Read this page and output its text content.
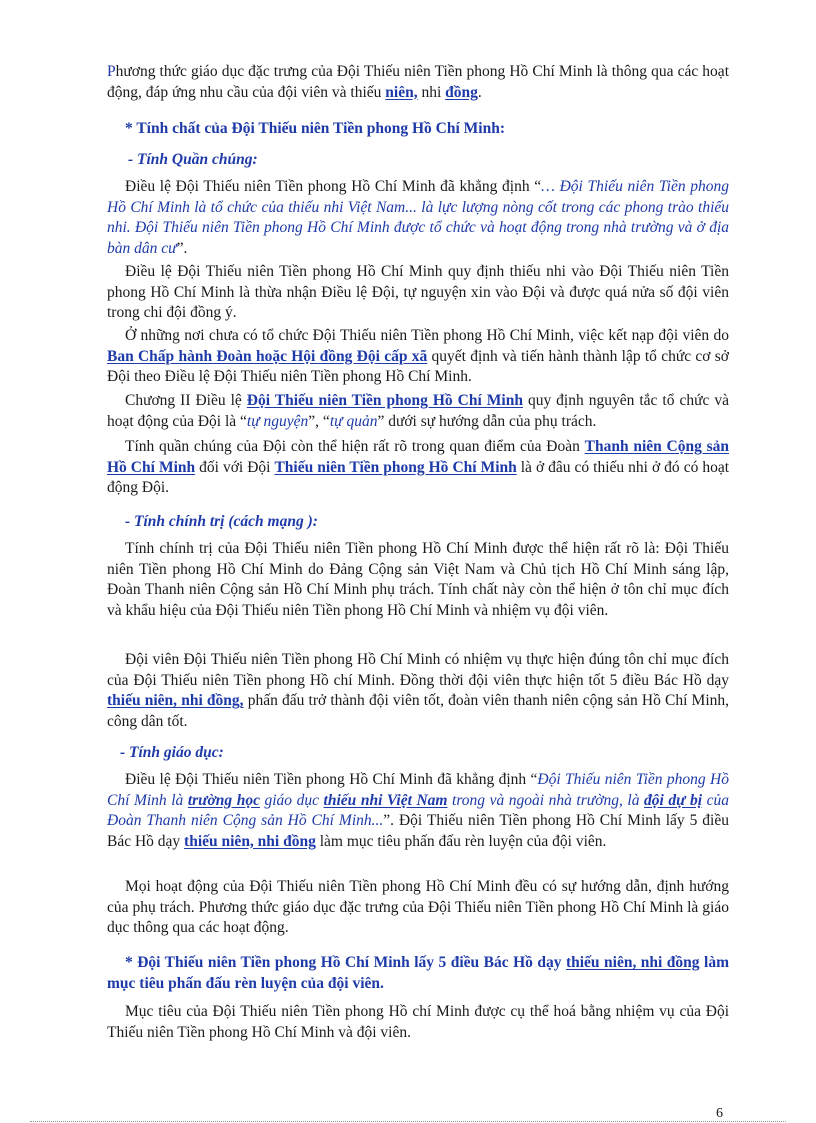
Phương thức giáo dục đặc trưng của Đội Thiếu niên Tiền phong Hồ Chí Minh là thông qua các hoạt động, đáp ứng nhu cầu của đội viên và thiếu niên, nhi đồng.
* Tính chất của Đội Thiếu niên Tiền phong Hồ Chí Minh:
- Tính Quần chúng:
Điều lệ Đội Thiếu niên Tiền phong Hồ Chí Minh đã khẳng định “… Đội Thiếu niên Tiền phong Hồ Chí Minh là tổ chức của thiếu nhi Việt Nam... là lực lượng nòng cốt trong các phong trào thiếu nhi. Đội Thiếu niên Tiền phong Hồ Chí Minh được tổ chức và hoạt động trong nhà trường và ở địa bàn dân cư”.
Điều lệ Đội Thiếu niên Tiền phong Hồ Chí Minh quy định thiếu nhi vào Đội Thiếu niên Tiền phong Hồ Chí Minh là thừa nhận Điều lệ Đội, tự nguyện xin vào Đội và được quá nửa số đội viên trong chi đội đồng ý.
Ở những nơi chưa có tổ chức Đội Thiếu niên Tiền phong Hồ Chí Minh, việc kết nạp đội viên do Ban Chấp hành Đoàn hoặc Hội đồng Đội cấp xã quyết định và tiến hành thành lập tổ chức cơ sở Đội theo Điều lệ Đội Thiếu niên Tiền phong Hồ Chí Minh.
Chương II Điều lệ Đội Thiếu niên Tiền phong Hồ Chí Minh quy định nguyên tắc tổ chức và hoạt động của Đội là “tự nguyện”, “tự quản” dưới sự hướng dẫn của phụ trách.
Tính quần chúng của Đội còn thể hiện rất rõ trong quan điểm của Đoàn Thanh niên Cộng sản Hồ Chí Minh đối với Đội Thiếu niên Tiền phong Hồ Chí Minh là ở đâu có thiếu nhi ở đó có hoạt động Đội.
- Tính chính trị (cách mạng ):
Tính chính trị của Đội Thiếu niên Tiền phong Hồ Chí Minh được thể hiện rất rõ là: Đội Thiếu niên Tiền phong Hồ Chí Minh do Đảng Cộng sản Việt Nam và Chủ tịch Hồ Chí Minh sáng lập, Đoàn Thanh niên Cộng sản Hồ Chí Minh phụ trách. Tính chất này còn thể hiện ở tôn chỉ mục đích và khẩu hiệu của Đội Thiếu niên Tiền phong Hồ Chí Minh và nhiệm vụ đội viên.
Đội viên Đội Thiếu niên Tiền phong Hồ Chí Minh có nhiệm vụ thực hiện đúng tôn chỉ mục đích của Đội Thiếu niên Tiền phong Hồ chí Minh. Đồng thời đội viên thực hiện tốt 5 điều Bác Hồ dạy thiếu niên, nhi đồng, phấn đấu trở thành đội viên tốt, đoàn viên thanh niên cộng sản Hồ Chí Minh, công dân tốt.
- Tính giáo dục:
Điều lệ Đội Thiếu niên Tiền phong Hồ Chí Minh đã khẳng định “Đội Thiếu niên Tiền phong Hồ Chí Minh là trường học giáo dục thiếu nhi Việt Nam trong và ngoài nhà trường, là đội dự bị của Đoàn Thanh niên Cộng sản Hồ Chí Minh...”. Đội Thiếu niên Tiền phong Hồ Chí Minh lấy 5 điều Bác Hồ dạy thiếu niên, nhi đồng làm mục tiêu phấn đấu rèn luyện của đội viên.
Mọi hoạt động của Đội Thiếu niên Tiền phong Hồ Chí Minh đều có sự hướng dẫn, định hướng của phụ trách. Phương thức giáo dục đặc trưng của Đội Thiếu niên Tiền phong Hồ Chí Minh là giáo dục thông qua các hoạt động.
* Đội Thiếu niên Tiền phong Hồ Chí Minh lấy 5 điều Bác Hồ dạy thiếu niên, nhi đồng làm mục tiêu phấn đấu rèn luyện của đội viên.
Mục tiêu của Đội Thiếu niên Tiền phong Hồ chí Minh được cụ thể hoá bằng nhiệm vụ của Đội Thiếu niên Tiền phong Hồ Chí Minh và đội viên.
6
